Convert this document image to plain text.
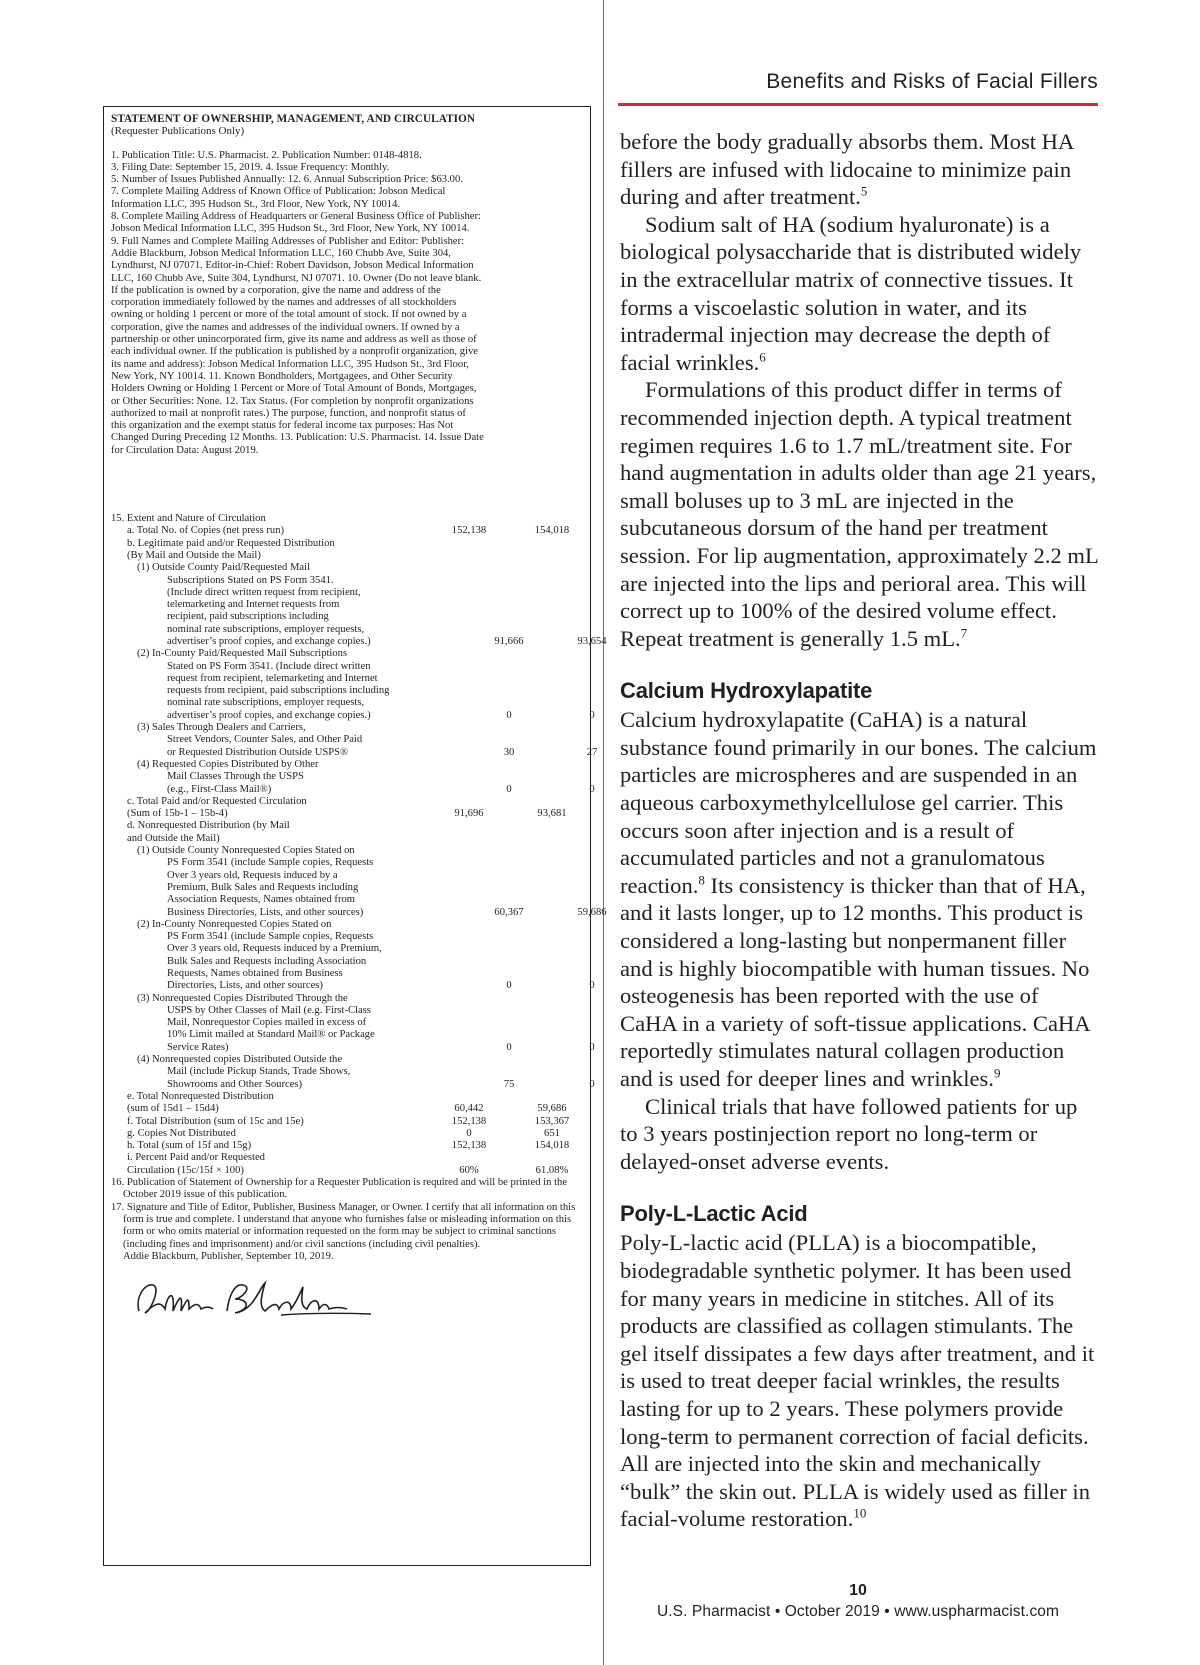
Benefits and Risks of Facial Fillers
STATEMENT OF OWNERSHIP, MANAGEMENT, AND CIRCULATION
(Requester Publications Only)
1. Publication Title: U.S. Pharmacist. 2. Publication Number: 0148-4818.
3. Filing Date: September 15, 2019. 4. Issue Frequency: Monthly.
5. Number of Issues Published Annually: 12. 6. Annual Subscription Price: $63.00.
7. Complete Mailing Address of Known Office of Publication: Jobson Medical
Information LLC, 395 Hudson St., 3rd Floor, New York, NY 10014.
8. Complete Mailing Address of Headquarters or General Business Office of Publisher:
Jobson Medical Information LLC, 395 Hudson St., 3rd Floor, New York, NY 10014.
9. Full Names and Complete Mailing Addresses of Publisher and Editor: Publisher:
Addie Blackburn, Jobson Medical Information LLC, 160 Chubb Ave, Suite 304,
Lyndhurst, NJ 07071. Editor-in-Chief: Robert Davidson, Jobson Medical Information
LLC, 160 Chubb Ave, Suite 304, Lyndhurst, NJ 07071. 10. Owner (Do not leave blank.
If the publication is owned by a corporation, give the name and address of the
corporation immediately followed by the names and addresses of all stockholders
owning or holding 1 percent or more of the total amount of stock. If not owned by a
corporation, give the names and addresses of the individual owners. If owned by a
partnership or other unincorporated firm, give its name and address as well as those of
each individual owner. If the publication is published by a nonprofit organization, give
its name and address): Jobson Medical Information LLC, 395 Hudson St., 3rd Floor,
New York, NY 10014. 11. Known Bondholders, Mortgagees, and Other Security
Holders Owning or Holding 1 Percent or More of Total Amount of Bonds, Mortgages,
or Other Securities: None. 12. Tax Status. (For completion by nonprofit organizations
authorized to mail at nonprofit rates.) The purpose, function, and nonprofit status of
this organization and the exempt status for federal income tax purposes: Has Not
Changed During Preceding 12 Months. 13. Publication: U.S. Pharmacist. 14. Issue Date
for Circulation Data: August 2019.
15. Extent and Nature of Circulation
a. Total No. of Copies (net press run)	152,138	154,018
b. Legitimate paid and/or Requested Distribution
(By Mail and Outside the Mail)
(1) Outside County Paid/Requested Mail
Subscriptions Stated on PS Form 3541.
(Include direct written request from recipient,
telemarketing and Internet requests from
recipient, paid subscriptions including
nominal rate subscriptions, employer requests,
advertiser’s proof copies, and exchange copies.)	91,666	93,654
(2) In-County Paid/Requested Mail Subscriptions
Stated on PS Form 3541. (Include direct written
request from recipient, telemarketing and Internet
requests from recipient, paid subscriptions including
nominal rate subscriptions, employer requests,
advertiser’s proof copies, and exchange copies.)	0	0
(3) Sales Through Dealers and Carriers,
Street Vendors, Counter Sales, and Other Paid
or Requested Distribution Outside USPS®	30	27
(4) Requested Copies Distributed by Other
Mail Classes Through the USPS
(e.g., First-Class Mail®)	0	0
c. Total Paid and/or Requested Circulation
(Sum of 15b-1 – 15b-4)	91,696	93,681
d. Nonrequested Distribution (by Mail
and Outside the Mail)
(1) Outside County Nonrequested Copies Stated on
PS Form 3541 (include Sample copies, Requests
Over 3 years old, Requests induced by a
Premium, Bulk Sales and Requests including
Association Requests, Names obtained from
Business Directories, Lists, and other sources)	60,367	59,686
(2) In-County Nonrequested Copies Stated on
PS Form 3541 (include Sample copies, Requests
Over 3 years old, Requests induced by a Premium,
Bulk Sales and Requests including Association
Requests, Names obtained from Business
Directories, Lists, and other sources)	0	0
(3) Nonrequested Copies Distributed Through the
USPS by Other Classes of Mail (e.g. First-Class
Mail, Nonrequestor Copies mailed in excess of
10% Limit mailed at Standard Mail® or Package
Service Rates)	0	0
(4) Nonrequested copies Distributed Outside the
Mail (include Pickup Stands, Trade Shows,
Showrooms and Other Sources)	75	0
e. Total Nonrequested Distribution
(sum of 15d1 – 15d4)	60,442	59,686
f. Total Distribution (sum of 15c and 15e)	152,138	153,367
g. Copies Not Distributed	0	651
h. Total (sum of 15f and 15g)	152,138	154,018
i. Percent Paid and/or Requested
Circulation (15c/15f × 100)	60%	61.08%
16. Publication of Statement of Ownership for a Requester Publication is required and will be printed in the October 2019 issue of this publication.
17. Signature and Title of Editor, Publisher, Business Manager, or Owner. I certify that all information on this form is true and complete. I understand that anyone who furnishes false or misleading information on this form or who omits material or information requested on the form may be subject to criminal sanctions (including fines and imprisonment) and/or civil sanctions (including civil penalties).
Addie Blackburn, Publisher, September 10, 2019.

before the body gradually absorbs them. Most HA fillers are infused with lidocaine to minimize pain during and after treatment.$^5$

Sodium salt of HA (sodium hyaluronate) is a biological polysaccharide that is distributed widely in the extracellular matrix of connective tissues. It forms a viscoelastic solution in water, and its intradermal injection may decrease the depth of facial wrinkles.$^6$

Formulations of this product differ in terms of recommended injection depth. A typical treatment regimen requires 1.6 to 1.7 mL/treatment site. For hand augmentation in adults older than age 21 years, small boluses up to 3 mL are injected in the subcutaneous dorsum of the hand per treatment session. For lip augmentation, approximately 2.2 mL are injected into the lips and perioral area. This will correct up to 100% of the desired volume effect. Repeat treatment is generally 1.5 mL.$^7$

Calcium Hydroxylapatite

Calcium hydroxylapatite (CaHA) is a natural substance found primarily in our bones. The calcium particles are microspheres and are suspended in an aqueous carboxymethylcellulose gel carrier. This occurs soon after injection and is a result of accumulated particles and not a granulomatous reaction.$^8$ Its consistency is thicker than that of HA, and it lasts longer, up to 12 months. This product is considered a long-lasting but nonpermanent filler and is highly biocompatible with human tissues. No osteogenesis has been reported with the use of CaHA in a variety of soft-tissue applications. CaHA reportedly stimulates natural collagen production and is used for deeper lines and wrinkles.$^9$

Clinical trials that have followed patients for up to 3 years postinjection report no long-term or delayed-onset adverse events.

Poly-L-Lactic Acid

Poly-L-lactic acid (PLLA) is a biocompatible, biodegradable synthetic polymer. It has been used for many years in medicine in stitches. All of its products are classified as collagen stimulants. The gel itself dissipates a few days after treatment, and it is used to treat deeper facial wrinkles, the results lasting for up to 2 years. These polymers provide long-term to permanent correction of facial deficits. All are injected into the skin and mechanically “bulk” the skin out. PLLA is widely used as filler in facial-volume restoration.$^{10}$

10
U.S. Pharmacist • October 2019 • www.uspharmacist.com
